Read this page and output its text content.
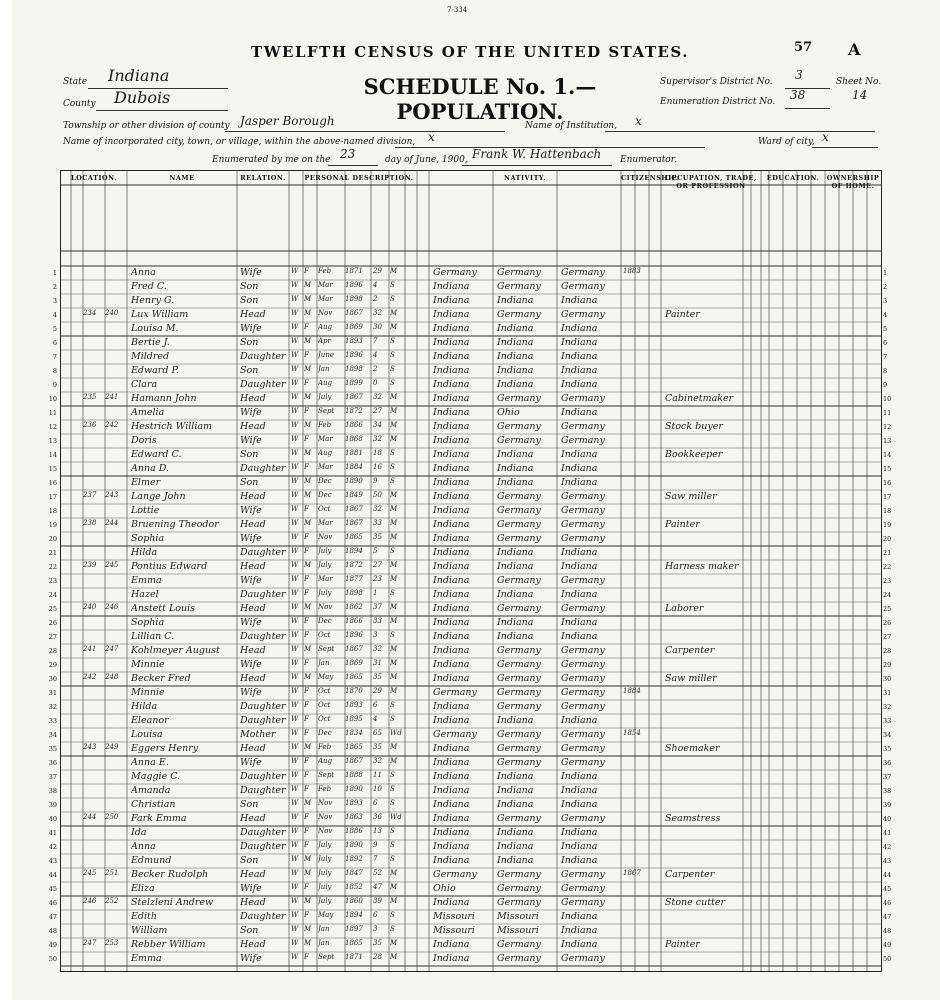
7-334
TWELFTH CENSUS OF THE UNITED STATES.
SCHEDULE No. 1.—POPULATION.
57 A
State Indiana
County Dubois
Township or other division of county Jasper Borough	Name of Institution, x
Name of incorporated city, town, or village, within the above-named division, x	Ward of city, x
Enumerated by me on the 23	day of June, 1900, Frank W. Hattenbach Enumerator.
Supervisor's District No. 3
Enumeration District No. 38
Sheet No.
14
LOCATION.	NAME	RELATION.	PERSONAL DESCRIPTION.	NATIVITY.	CITIZENSHIP.
OCCUPATION, TRADE, OR PROFESSION
EDUCATION.	OWNERSHIP OF HOME.
1	1
Anna	Wife	W F	Feb	1871	29	M	Germany	Germany	Germany	1883
2	2
Fred C.	Son	W M Mar	1896	4	S	Indiana	Germany	Germany
3	3
Henry G.	Son	W M Mar	1898	2	S	Indiana	Indiana	Indiana
4	4
234	240	Lux William	Head	W M Nov	1867	32	M	Indiana	Germany	Germany	Painter
5	5
Louisa M.	Wife	W F	Aug	1869	30	M	Indiana	Indiana	Indiana
6	6
Bertie J.	Son	W M Apr	1893	7	S	Indiana	Indiana	Indiana
7	7
Mildred	Daughter W F	June	1896	4	S	Indiana	Indiana	Indiana
8	8
Edward P.	Son	W M Jan	1898	2	S	Indiana	Indiana	Indiana
9	9
Clara	Daughter W F	Aug	1899	0	S	Indiana	Indiana	Indiana
10	10
235	241	Hamann John	Head	W M July	1867	32	M	Indiana	Germany	Germany	Cabinetmaker
11	11
Amelia	Wife	W F	Sept	1872	27	M	Indiana	Ohio	Indiana
12	12
236	242	Hestrich William	Head	W M Feb	1866	34	M	Indiana	Germany	Germany	Stock buyer
13	13
Doris	Wife	W F	Mar	1868	32	M	Indiana	Germany	Germany
14	14
Edward C.	Son	W M Aug	1881	18	S	Indiana	Indiana	Indiana	Bookkeeper
15	15
Anna D.	Daughter W F	Mar	1884	16	S	Indiana	Indiana	Indiana
16	16
Elmer	Son	W M Dec	1890	9	S	Indiana	Indiana	Indiana
17	17
237	243	Lange John	Head	W M Dec	1849	50	M	Indiana	Germany	Germany	Saw miller
18	18
Lottie	Wife	W F	Oct	1867	32	M	Indiana	Germany	Germany
19	19
238	244	Bruening Theodor	Head	W M Mar	1867	33	M	Indiana	Germany	Germany	Painter
20	20
Sophia	Wife	W F	Nov	1865	35	M	Indiana	Germany	Germany
21	21
Hilda	Daughter W F	July	1894	5	S	Indiana	Indiana	Indiana
22	22
239	245	Pontius Edward	Head	W M July	1872	27	M	Indiana	Indiana	Indiana	Harness maker
23	23
Emma	Wife	W F	Mar	1877	23	M	Indiana	Germany	Germany
24	24
Hazel	Daughter W F	July	1898	1	S	Indiana	Indiana	Indiana
25	25
240	246	Anstett Louis	Head	W M Nov	1862	37	M	Indiana	Germany	Germany	Laborer
26	26
Sophia	Wife	W F	Dec	1866	33	M	Indiana	Indiana	Indiana
27	27
Lillian C.	Daughter W F	Oct	1896	3	S	Indiana	Indiana	Indiana
28	28
241	247	Kohlmeyer August	Head	W M Sept	1867	32	M	Indiana	Germany	Germany	Carpenter
29	29
Minnie	Wife	W F	Jan	1869	31	M	Indiana	Germany	Germany
30	30
242	248	Becker Fred	Head	W M May	1865	35	M	Indiana	Germany	Germany	Saw miller
31	31
Minnie	Wife	W F	Oct	1870	29	M	Germany	Germany	Germany	1884
32	32
Hilda	Daughter W F	Oct	1893	6	S	Indiana	Germany	Germany
33	33
Eleanor	Daughter W F	Oct	1895	4	S	Indiana	Indiana	Indiana
34	34
Louisa	Mother	W F	Dec	1834	65	Wd	Germany	Germany	Germany	1854
35	35
243	249	Eggers Henry	Head	W M Feb	1865	35	M	Indiana	Germany	Germany	Shoemaker
36	36
Anna E.	Wife	W F	Aug	1867	32	M	Indiana	Germany	Germany
37	37
Maggie C.	Daughter W F	Sept	1888	11	S	Indiana	Indiana	Indiana
38	38
Amanda	Daughter W F	Feb	1890	10	S	Indiana	Indiana	Indiana
39	39
Christian	Son	W M Nov	1893	6	S	Indiana	Indiana	Indiana
40	40
244	250	Fark Emma	Head	W F	Nov	1863	36	Wd	Indiana	Germany	Germany	Seamstress
41	41
Ida	Daughter W F	Nov	1886	13	S	Indiana	Indiana	Indiana
42	42
Anna	Daughter W F	July	1890	9	S	Indiana	Indiana	Indiana
43	43
Edmund	Son	W M July	1892	7	S	Indiana	Indiana	Indiana
44	44
245	251	Becker Rudolph	Head	W M July	1847	52	M	Germany	Germany	Germany	1867	Carpenter
45	45
Eliza	Wife	W F	July	1852	47	M	Ohio	Germany	Germany
46	46
246	252	Stelzleni Andrew	Head	W M July	1860	39	M	Indiana	Germany	Germany	Stone cutter
47	47
Edith	Daughter W F	May	1894	6	S	Missouri	Missouri	Indiana
48	48
William	Son	W M Jan	1897	3	S	Missouri	Missouri	Indiana
49	49
247	253	Rebber William	Head	W M Jan	1865	35	M	Indiana	Germany	Indiana	Painter
50	50
Emma	Wife	W F	Sept	1871	28	M	Indiana	Germany	Germany
